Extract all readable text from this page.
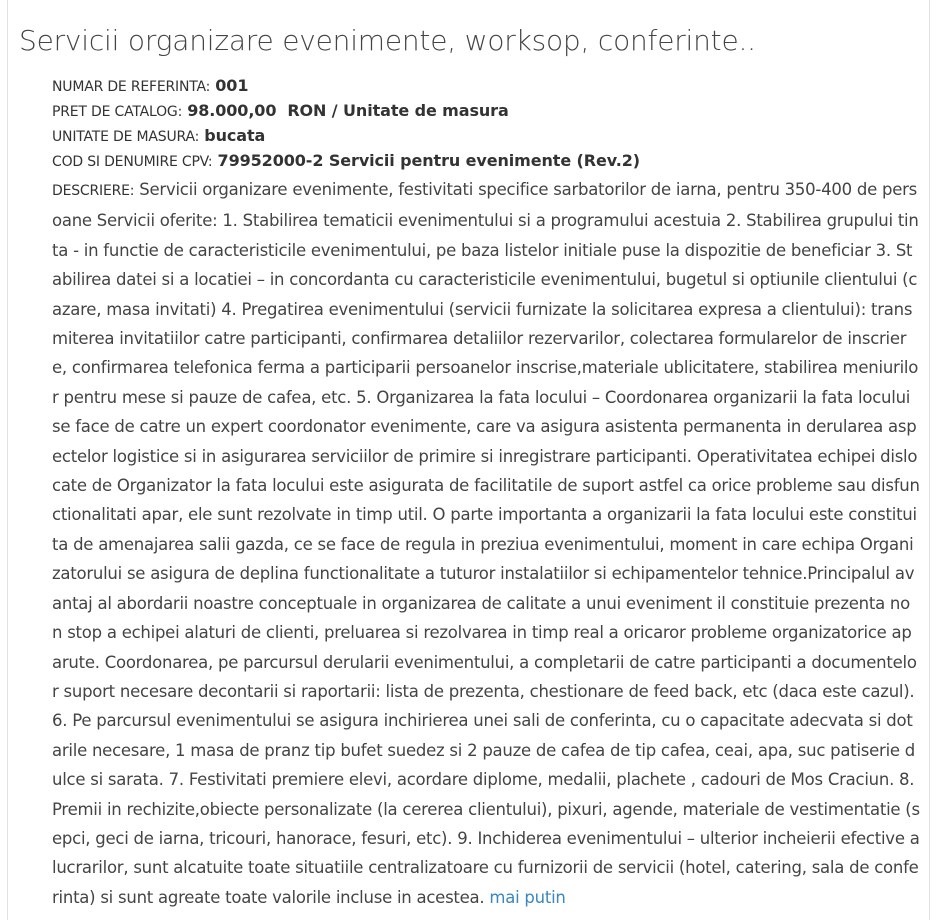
Servicii organizare evenimente, worksop, conferinte..
NUMAR DE REFERINTA: 001
PRET DE CATALOG: 98.000,00  RON / Unitate de masura
UNITATE DE MASURA: bucata
COD SI DENUMIRE CPV: 79952000-2 Servicii pentru evenimente (Rev.2)
DESCRIERE: Servicii organizare evenimente, festivitati specifice sarbatorilor de iarna, pentru 350-400 de persoane Servicii oferite: 1. Stabilirea tematicii evenimentului si a programului acestuia 2. Stabilirea grupului tinta - in functie de caracteristicile evenimentului, pe baza listelor initiale puse la dispozitie de beneficiar 3. Stabilirea datei si a locatiei – in concordanta cu caracteristicile evenimentului, bugetul si optiunile clientului (cazare, masa invitati) 4. Pregatirea evenimentului (servicii furnizate la solicitarea expresa a clientului): transmiterea invitatiilor catre participanti, confirmarea detaliilor rezervarilor, colectarea formularelor de inscriere, confirmarea telefonica ferma a participarii persoanelor inscrise,materiale ublicitatere, stabilirea meniurilor pentru mese si pauze de cafea, etc. 5. Organizarea la fata locului – Coordonarea organizarii la fata locului se face de catre un expert coordonator evenimente, care va asigura asistenta permanenta in derularea aspectelor logistice si in asigurarea serviciilor de primire si inregistrare participanti. Operativitatea echipei dislocate de Organizator la fata locului este asigurata de facilitatile de suport astfel ca orice probleme sau disfunctionalitati apar, ele sunt rezolvate in timp util. O parte importanta a organizarii la fata locului este constituita de amenajarea salii gazda, ce se face de regula in preziua evenimentului, moment in care echipa Organizatorului se asigura de deplina functionalitate a tuturor instalatiilor si echipamentelor tehnice.Principalul avantaj al abordarii noastre conceptuale in organizarea de calitate a unui eveniment il constituie prezenta non stop a echipei alaturi de clienti, preluarea si rezolvarea in timp real a oricaror probleme organizatorice aparute. Coordonarea, pe parcursul derularii evenimentului, a completarii de catre participanti a documentelor suport necesare decontarii si raportarii: lista de prezenta, chestionare de feed back, etc (daca este cazul). 6. Pe parcursul evenimentului se asigura inchirierea unei sali de conferinta, cu o capacitate adecvata si dotarile necesare, 1 masa de pranz tip bufet suedez si 2 pauze de cafea de tip cafea, ceai, apa, suc patiserie dulce si sarata. 7. Festivitati premiere elevi, acordare diplome, medalii, plachete , cadouri de Mos Craciun. 8. Premii in rechizite,obiecte personalizate (la cererea clientului), pixuri, agende, materiale de vestimentatie (sepci, geci de iarna, tricouri, hanorace, fesuri, etc). 9. Inchiderea evenimentului – ulterior incheierii efective a lucrarilor, sunt alcatuite toate situatiile centralizatoare cu furnizorii de servicii (hotel, catering, sala de conferinta) si sunt agreate toate valorile incluse in acestea. mai putin
